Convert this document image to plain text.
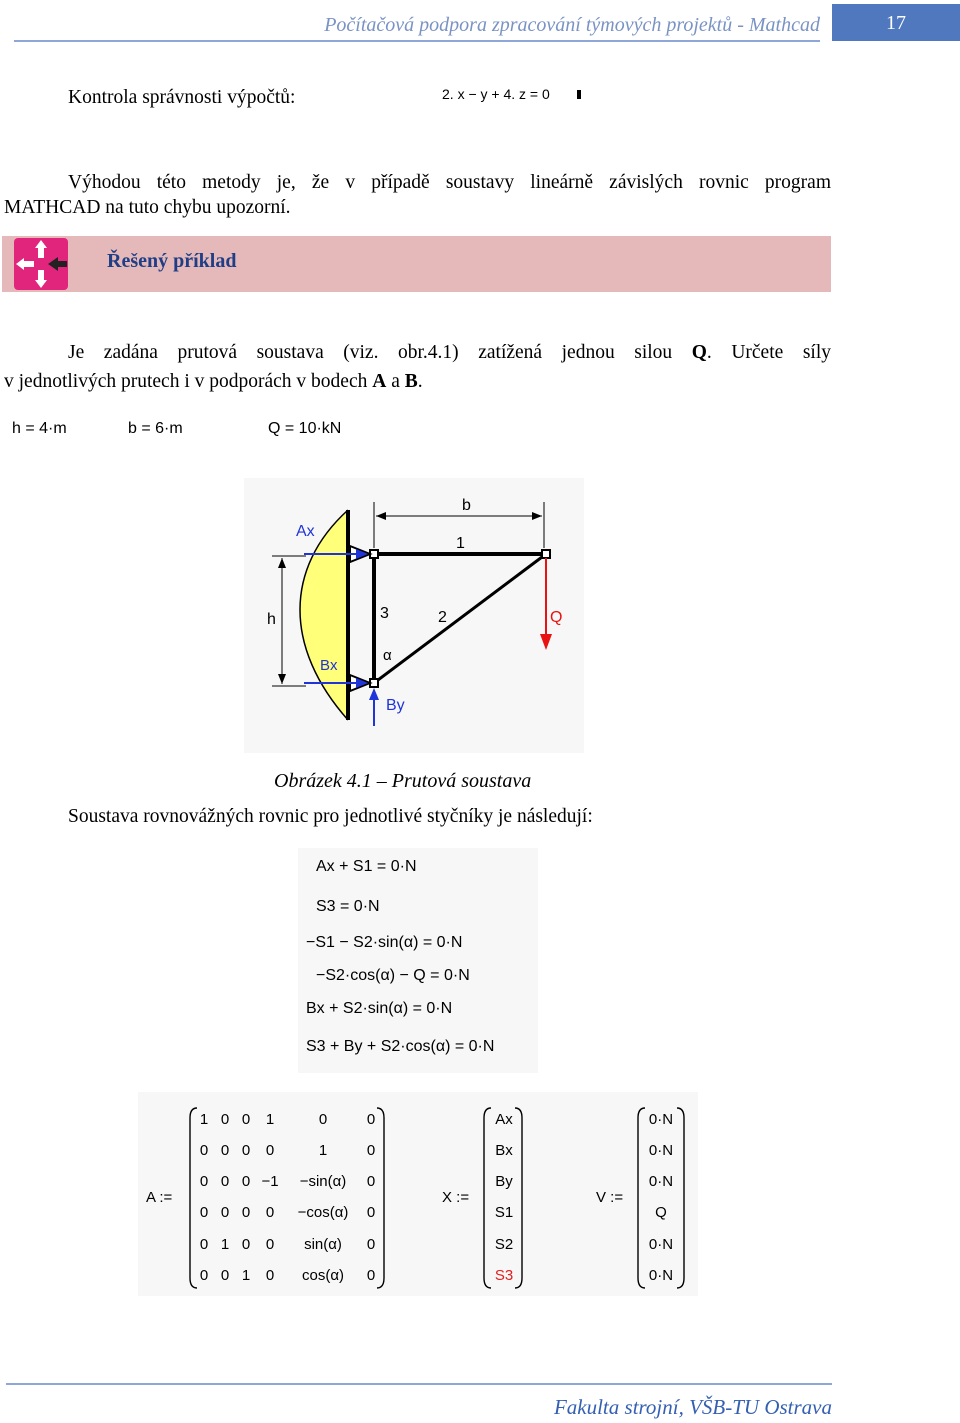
Počítačová podpora zpracování týmových projektů - Mathcad	17
Kontrola správnosti výpočtů:	2. x − y + 4. z = 0
Výhodou této metody je, že v případě soustavy lineárně závislých rovnic program
MATHCAD na tuto chybu upozorní.
Řešený příklad
Je zadána prutová soustava (viz. obr.4.1) zatížená jednou silou Q. Určete síly
v jednotlivých prutech i v podporách v bodech A a B.
h = 4·m	b = 6·m	Q = 10·kN
b
h
1
3	2
α
Ax
Bx
By
Q
Obrázek 4.1 – Prutová soustava
Soustava rovnovážných rovnic pro jednotlivé styčníky je následují:
Ax + S1 = 0·N
S3 = 0·N
−S1 − S2·sin(α) = 0·N
−S2·cos(α) − Q = 0·N
Bx + S2·sin(α) = 0·N
S3 + By + S2·cos(α) = 0·N
A :=
1 0 0 1	0	0
0 0 0 0	1	0
0 0 0 −1 −sin(α) 0
0 0 0 0 −cos(α) 0
0 1 0 0 sin(α) 0
0 0 1 0 cos(α) 0
X :=
Ax
Bx
By
S1
S2
S3
V :=
0·N
0·N
0·N
Q
0·N
0·N
Fakulta strojní, VŠB-TU Ostrava
